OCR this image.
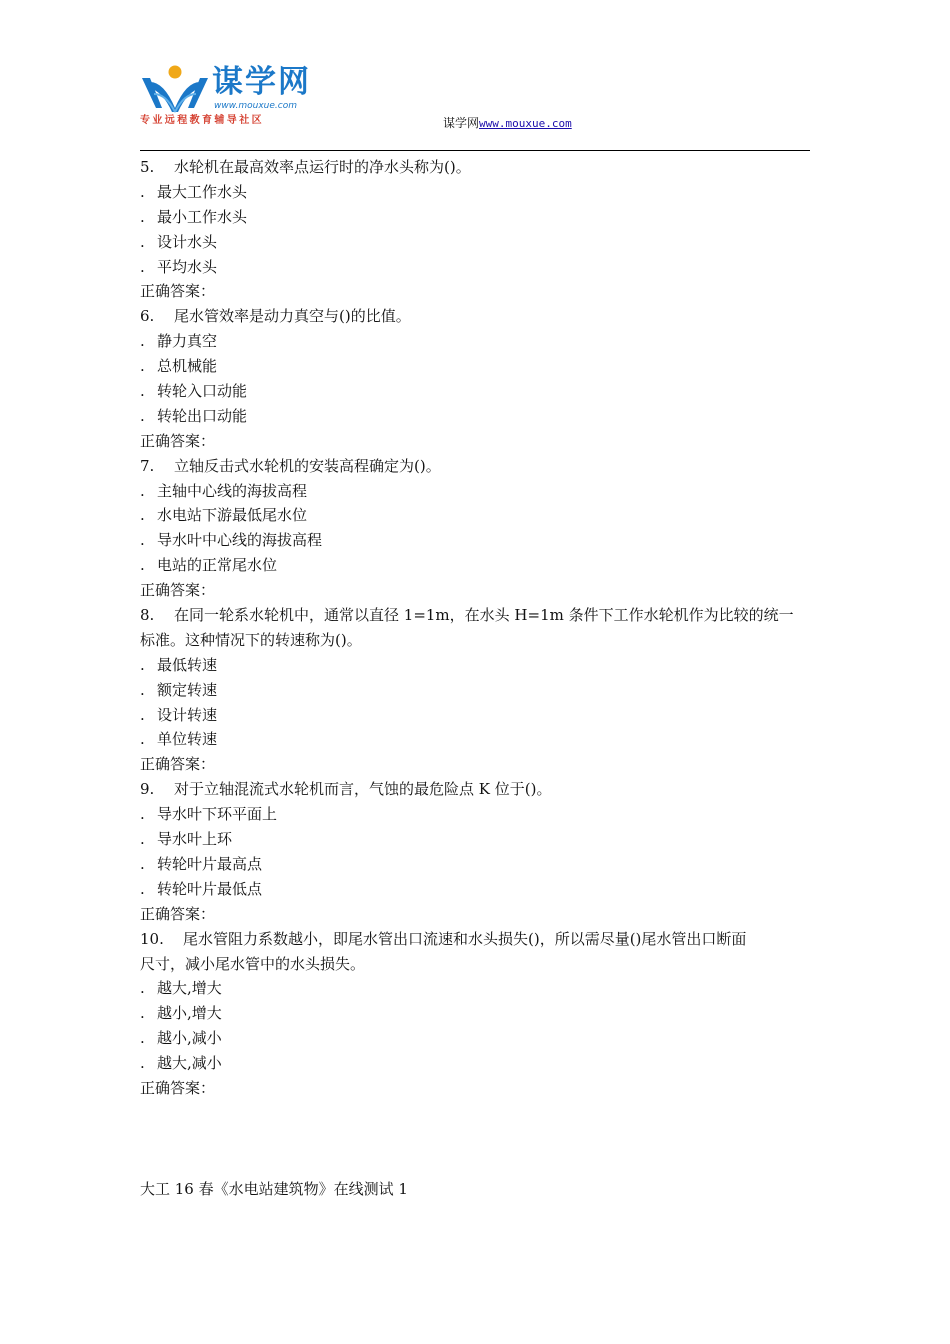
谋学网
www.mouxue.com
专业远程教育辅导社区	谋学网www.mouxue.com
5. 水轮机在最高效率点运行时的净水头称为()。
. 最大工作水头
. 最小工作水头
. 设计水头
. 平均水头
正确答案：
6. 尾水管效率是动力真空与()的比值。
. 静力真空
. 总机械能
. 转轮入口动能
. 转轮出口动能
正确答案：
7. 立轴反击式水轮机的安装高程确定为()。
. 主轴中心线的海拔高程
. 水电站下游最低尾水位
. 导水叶中心线的海拔高程
. 电站的正常尾水位
正确答案：
8. 在同一轮系水轮机中，通常以直径 1=1m，在水头 H=1m 条件下工作水轮机作为比较的统一
标准。这种情况下的转速称为()。
. 最低转速
. 额定转速
. 设计转速
. 单位转速
正确答案：
9. 对于立轴混流式水轮机而言，气蚀的最危险点 K 位于()。
. 导水叶下环平面上
. 导水叶上环
. 转轮叶片最高点
. 转轮叶片最低点
正确答案：
10. 尾水管阻力系数越小，即尾水管出口流速和水头损失()，所以需尽量()尾水管出口断面
尺寸，减小尾水管中的水头损失。
. 越大,增大
. 越小,增大
. 越小,减小
. 越大,减小
正确答案：
大工 16 春《水电站建筑物》在线测试 1
